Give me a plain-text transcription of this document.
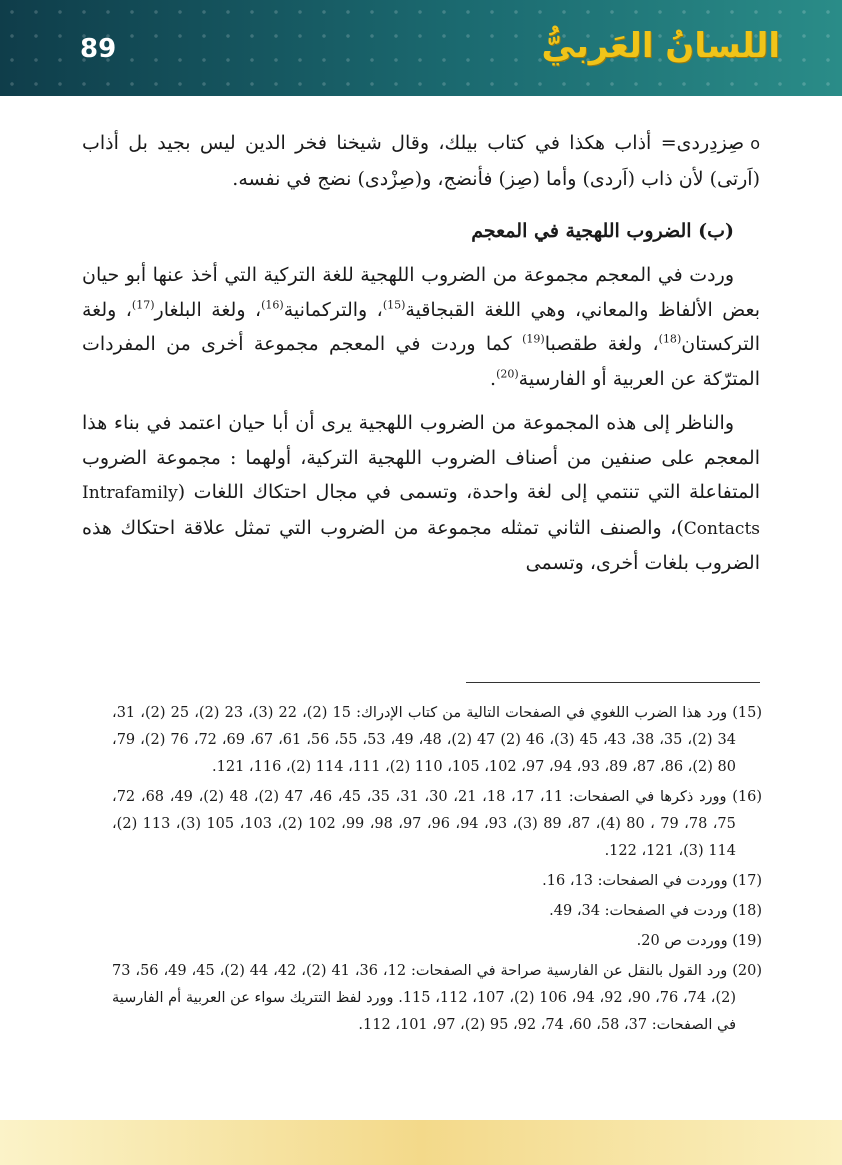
89	اللسانُ العَربيُّ

oصِزدِردی= أذاب هكذا في كتاب بيلك، وقال شيخنا فخر الدين ليس بجيد بل أذاب (اَرتی) لأن ذاب (اَردی) وأما (صِز) فأنضج، و(صِزْدی) نضج في نفسه.

(ب) الضروب اللهجية في المعجم

وردت في المعجم مجموعة من الضروب اللهجية للغة التركية التي أخذ عنها أبو حيان بعض الألفاظ والمعاني، وهي اللغة القبجاقية$^{(15)}$، والتركمانية$^{(16)}$، ولغة البلغار$^{(17)}$، ولغة التركستان$^{(18)}$، ولغة طقصبا$^{(19)}$ كما وردت في المعجم مجموعة أخرى من المفردات المترّكة عن العربية أو الفارسية$^{(20)}$.

والناظر إلى هذه المجموعة من الضروب اللهجية يرى أن أبا حيان اعتمد في بناء هذا المعجم على صنفين من أصناف الضروب اللهجية التركية، أولهما : مجموعة الضروب المتفاعلة التي تنتمي إلى لغة واحدة، وتسمى في مجال احتكاك اللغات (Intrafamily Contacts)، والصنف الثاني تمثله مجموعة من الضروب التي تمثل علاقة احتكاك هذه الضروب بلغات أخرى، وتسمى

(15) ورد هذا الضرب اللغوي في الصفحات التالية من كتاب الإدراك: 15 (2)، 22 (3)، 23 (2)، 25 (2)، 31، 34 (2)، 35، 38، 43، 45 (3)، 46 (2) 47 (2)، 48، 49، 53، 55، 56، 61، 67، 69، 72، 76 (2)، 79، 80 (2)، 86، 87، 89، 93، 94، 97، 102، 105، 110 (2)، 111، 114 (2)، 116، 121.

(16) وورد ذكرها في الصفحات: 11، 17، 18، 21، 30، 31، 35، 45، 46، 47 (2)، 48 (2)، 49، 68، 72، 75، 78، 79 ، 80 (4)، 87، 89 (3)، 93، 94، 96، 97، 98، 99، 102 (2)، 103، 105 (3)، 113 (2)، 114 (3)، 121، 122.

(17) ووردت في الصفحات: 13، 16.

(18) وردت في الصفحات: 34، 49.

(19) ووردت ص 20.

(20) ورد القول بالنقل عن الفارسية صراحة في الصفحات: 12، 36، 41 (2)، 42، 44 (2)، 45، 49، 56، 73 (2)، 74، 76، 90، 92، 94، 106 (2)، 107، 112، 115. وورد لفظ التتريك سواء عن العربية أم الفارسية في الصفحات: 37، 58، 60، 74، 92، 95 (2)، 97، 101، 112.
